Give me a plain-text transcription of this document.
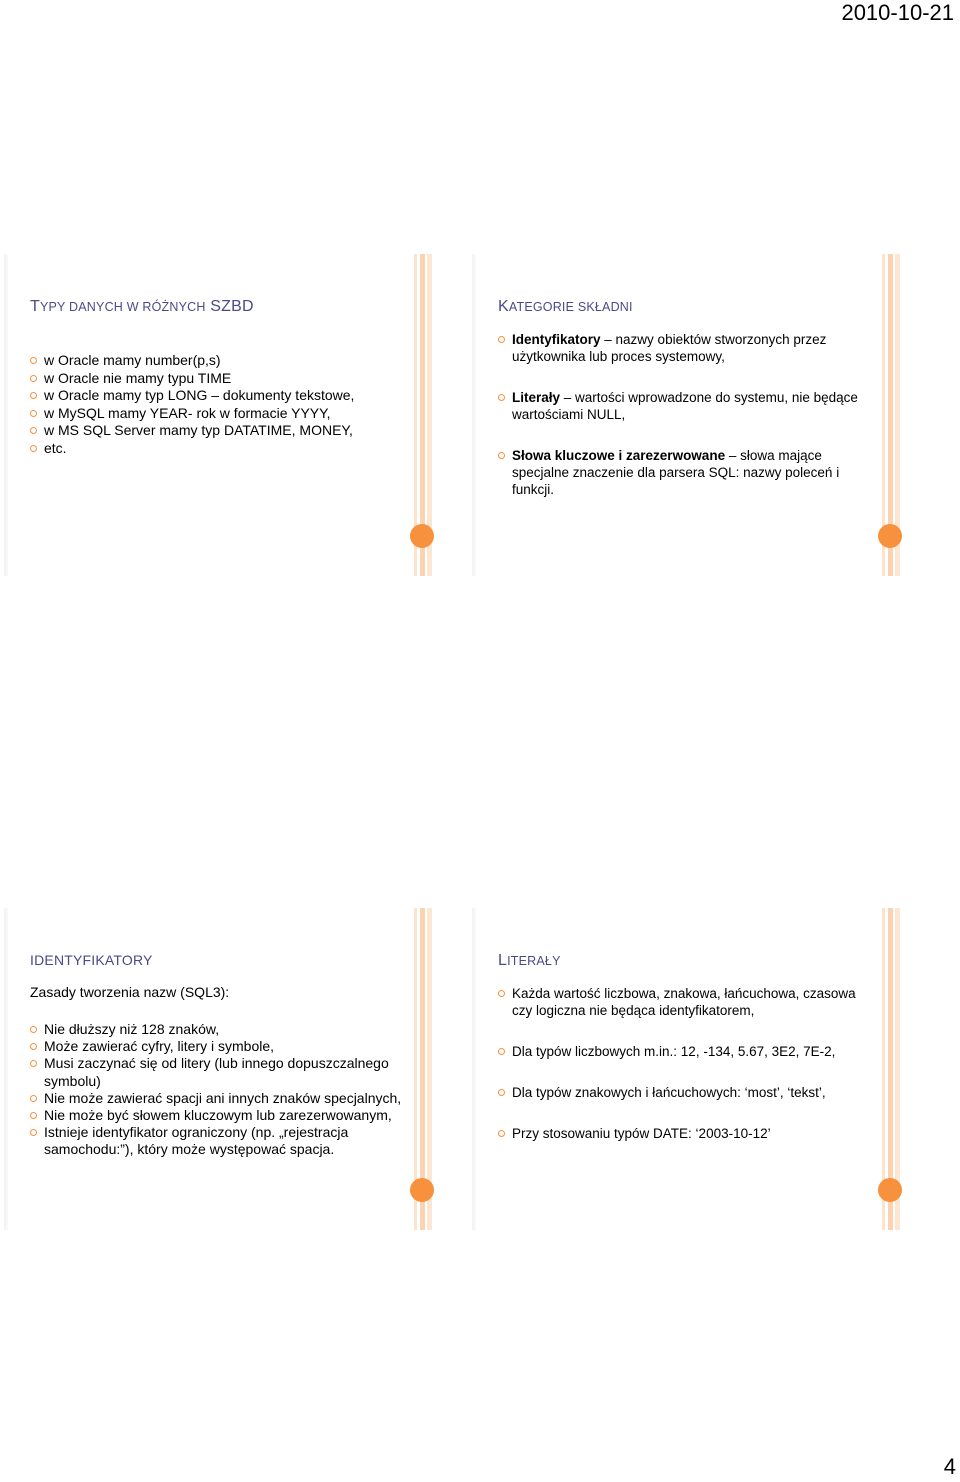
2010-10-21
TYPY DANYCH W RÓŻNYCH SZBD
w Oracle mamy number(p,s)
w Oracle nie mamy typu TIME
w Oracle mamy typ LONG – dokumenty tekstowe,
w MySQL mamy YEAR- rok w formacie YYYY,
w MS SQL Server mamy typ DATATIME, MONEY,
etc.
KATEGORIE SKŁADNI
Identyfikatory – nazwy obiektów stworzonych przez użytkownika lub proces systemowy,
Literały – wartości wprowadzone do systemu, nie będące wartościami NULL,
Słowa kluczowe i zarezerwowane – słowa mające specjalne znaczenie dla parsera SQL: nazwy poleceń i funkcji.
IDENTYFIKATORY

Zasady tworzenia nazw (SQL3):

Nie dłuższy niż 128 znaków,
Może zawierać cyfry, litery i symbole,
Musi zaczynać się od litery (lub innego dopuszczalnego symbolu)
Nie może zawierać spacji ani innych znaków specjalnych,
Nie może być słowem kluczowym lub zarezerwowanym,
Istnieje identyfikator ograniczony (np. „rejestracja samochodu:”), który może występować spacja.
LITERAŁY
Każda wartość liczbowa, znakowa, łańcuchowa, czasowa czy logiczna nie będąca identyfikatorem,
Dla typów liczbowych m.in.: 12, -134, 5.67, 3E2, 7E-2,
Dla typów znakowych i łańcuchowych: ‘most’, ‘tekst’,
Przy stosowaniu typów DATE: ‘2003-10-12’
4
